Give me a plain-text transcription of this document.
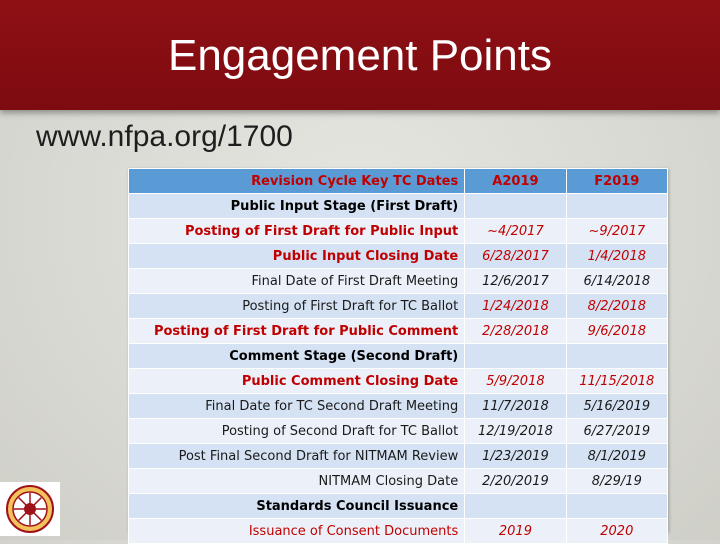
Engagement Points
www.nfpa.org/1700
Revision Cycle Key TC Dates	A2019	F2019
Public Input Stage (First Draft)		
Posting of First Draft for Public Input	~4/2017	~9/2017
Public Input Closing Date	6/28/2017	1/4/2018
Final Date of First Draft Meeting	12/6/2017	6/14/2018
Posting of First Draft for TC Ballot	1/24/2018	8/2/2018
Posting of First Draft for Public Comment	2/28/2018	9/6/2018
Comment Stage (Second Draft)		
Public Comment Closing Date	5/9/2018	11/15/2018
Final Date for TC Second Draft Meeting	11/7/2018	5/16/2019
Posting of Second Draft for TC Ballot	12/19/2018	6/27/2019
Post Final Second Draft for NITMAM Review	1/23/2019	8/1/2019
NITMAM Closing Date	2/20/2019	8/29/19
Standards Council Issuance		
Issuance of Consent Documents	2019	2020
